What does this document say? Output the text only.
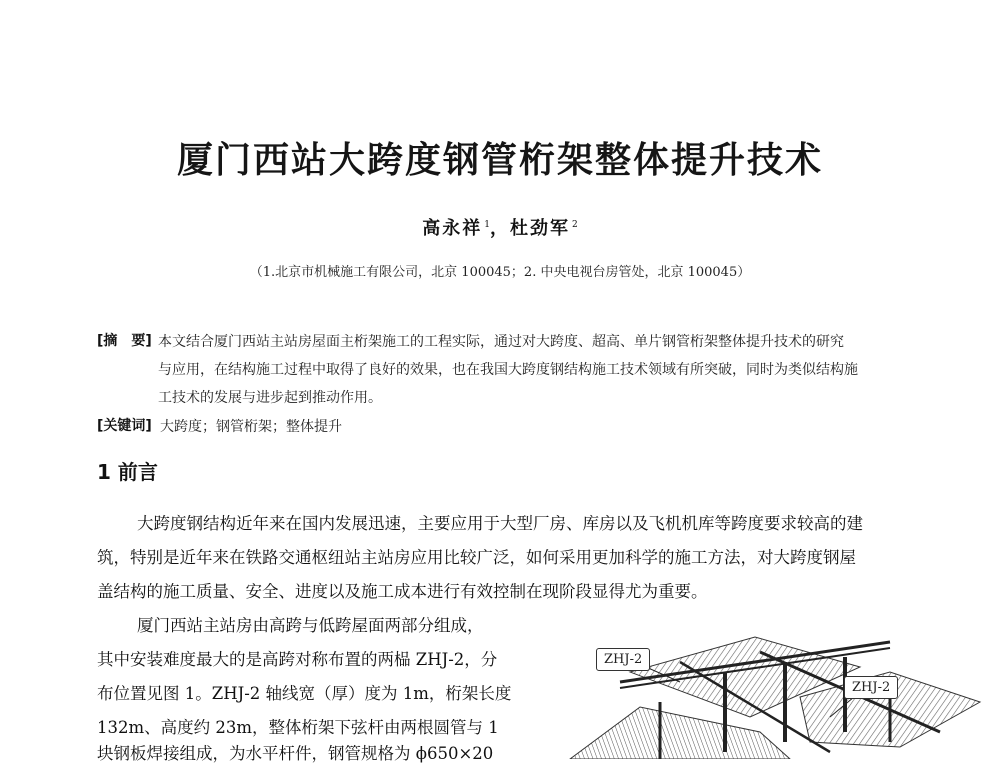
厦门西站大跨度钢管桁架整体提升技术
高永祥 $^1$，杜劲军 $^2$
（1.北京市机械施工有限公司，北京 100045；2. 中央电视台房管处，北京 100045）
[摘　要] 本文结合厦门西站主站房屋面主桁架施工的工程实际，通过对大跨度、超高、单片钢管桁架整体提升技术的研究
与应用，在结构施工过程中取得了良好的效果，也在我国大跨度钢结构施工技术领域有所突破，同时为类似结构施
工技术的发展与进步起到推动作用。
[关键词] 大跨度；钢管桁架；整体提升
1 前言
大跨度钢结构近年来在国内发展迅速，主要应用于大型厂房、库房以及飞机机库等跨度要求较高的建
筑，特别是近年来在铁路交通枢纽站主站房应用比较广泛，如何采用更加科学的施工方法，对大跨度钢屋
盖结构的施工质量、安全、进度以及施工成本进行有效控制在现阶段显得尤为重要。
厦门西站主站房由高跨与低跨屋面两部分组成，
其中安装难度最大的是高跨对称布置的两榀 ZHJ-2，分
布位置见图 1。ZHJ-2 轴线宽（厚）度为 1m，桁架长度
132m、高度约 23m，整体桁架下弦杆由两根圆管与 1
块钢板焊接组成，为水平杆件，钢管规格为 ϕ650×20
ZHJ-2
ZHJ-2
